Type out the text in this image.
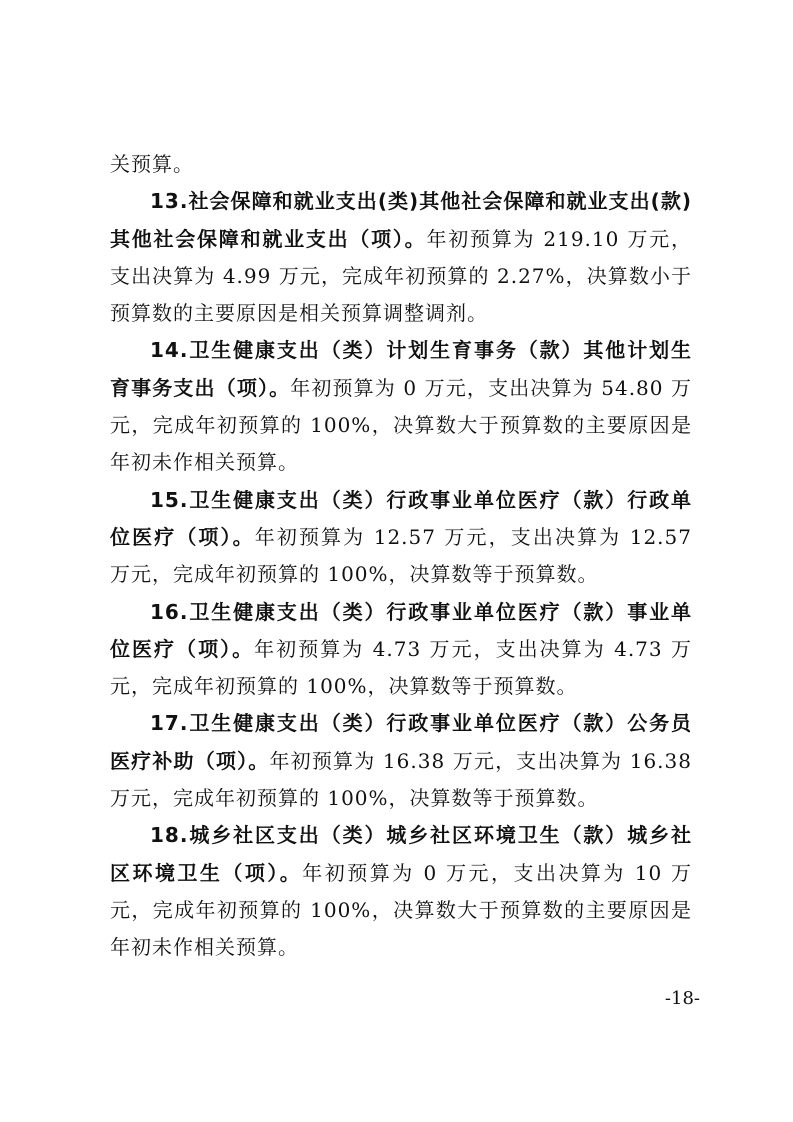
关预算。

13.社会保障和就业支出(类)其他社会保障和就业支出(款)其他社会保障和就业支出（项）。年初预算为 219.10 万元，支出决算为 4.99 万元，完成年初预算的 2.27%，决算数小于预算数的主要原因是相关预算调整调剂。

14.卫生健康支出（类）计划生育事务（款）其他计划生育事务支出（项）。年初预算为 0 万元，支出决算为 54.80 万元，完成年初预算的 100%，决算数大于预算数的主要原因是年初未作相关预算。

15.卫生健康支出（类）行政事业单位医疗（款）行政单位医疗（项）。年初预算为 12.57 万元，支出决算为 12.57 万元，完成年初预算的 100%，决算数等于预算数。

16.卫生健康支出（类）行政事业单位医疗（款）事业单位医疗（项）。年初预算为 4.73 万元，支出决算为 4.73 万元，完成年初预算的 100%，决算数等于预算数。

17.卫生健康支出（类）行政事业单位医疗（款）公务员医疗补助（项）。年初预算为 16.38 万元，支出决算为 16.38 万元，完成年初预算的 100%，决算数等于预算数。

18.城乡社区支出（类）城乡社区环境卫生（款）城乡社区环境卫生（项）。年初预算为 0 万元，支出决算为 10 万元，完成年初预算的 100%，决算数大于预算数的主要原因是年初未作相关预算。

-18-
